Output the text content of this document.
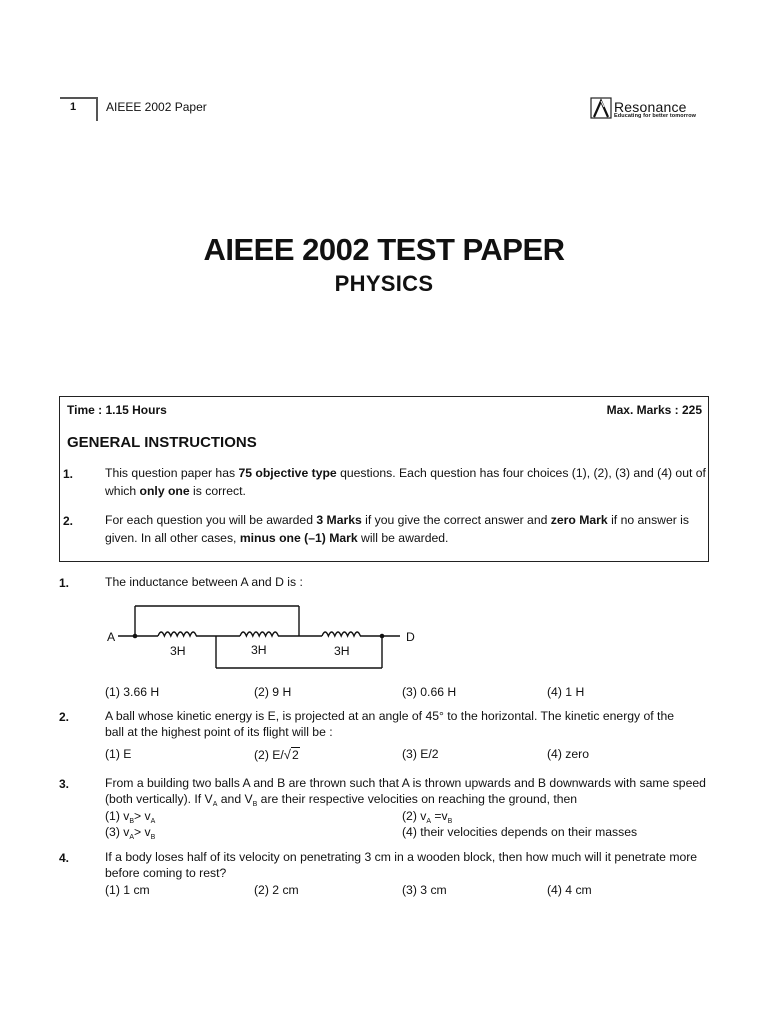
1 AIEEE 2002 Paper	Resonance
Educating for better tomorrow
AIEEE 2002 TEST PAPER
PHYSICS
Time : 1.15 Hours	Max. Marks : 225
GENERAL INSTRUCTIONS
1.	This question paper has 75 objective type questions. Each question has four choices (1), (2), (3) and (4) out of which only one is correct.
2.	For each question you will be awarded 3 Marks if you give the correct answer and zero Mark if no answer is given. In all other cases, minus one (–1) Mark will be awarded.
1.	The inductance between A and D is :
A	D
3H	3H	3H
(1) 3.66 H	(2) 9 H	(3) 0.66 H	(4) 1 H
2.	A ball whose kinetic energy is E, is projected at an angle of 45° to the horizontal. The kinetic energy of the
ball at the highest point of its flight will be :
(1) E	(2) E/√2	(3) E/2	(4) zero
3.	From a building two balls A and B are thrown such that A is thrown upwards and B downwards with same speed
(both vertically). If $V_A$ and $V_B$ are their respective velocities on reaching the ground, then
(1) $v_B> v_A$	(2) $v_A =v_B$
(3) $v_A> v_B$	(4) their velocities depends on their masses
4.	If a body loses half of its velocity on penetrating 3 cm in a wooden block, then how much will it penetrate more
before coming to rest?
(1) 1 cm	(2) 2 cm	(3) 3 cm	(4) 4 cm
